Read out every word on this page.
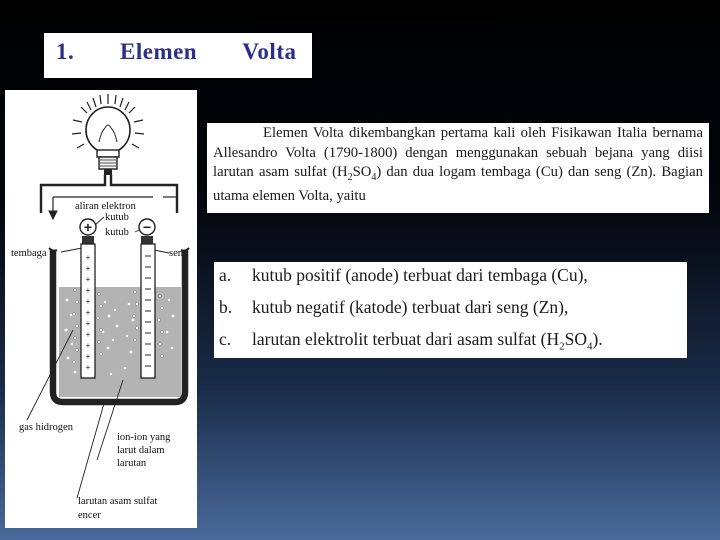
1.   Elemen   Volta
aliran elektron
kutub
kutub
+	−
tembaga	seng
+
+
+
+
+
+
+
+
+
+
+
gas hidrogen
ion-ion yang
larut dalam
larutan
larutan asam sulfat
encer

Elemen Volta dikembangkan pertama kali oleh Fisikawan Italia bernama Allesandro Volta (1790-1800) dengan menggunakan sebuah bejana yang diisi larutan asam sulfat $(H_2SO_4)$ dan dua logam tembaga (Cu) dan seng (Zn). Bagian utama elemen Volta, yaitu

a. kutub positif (anode) terbuat dari tembaga (Cu),
b. kutub negatif (katode) terbuat dari seng (Zn),
c. larutan elektrolit terbuat dari asam sulfat $(H_2SO_4)$.
